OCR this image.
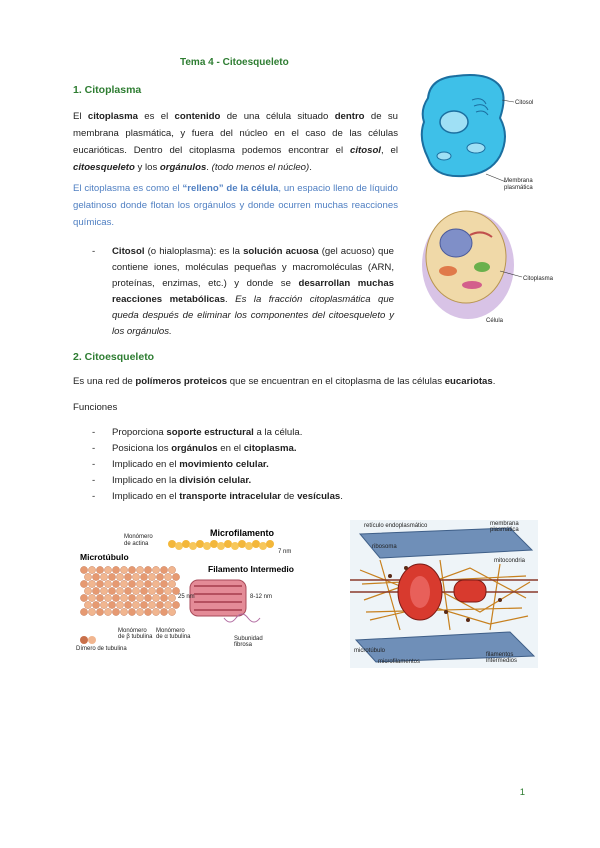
Tema 4 - Citoesqueleto
1. Citoplasma
El citoplasma es el contenido de una célula situado dentro de su membrana plasmática, y fuera del núcleo en el caso de las células eucarióticas. Dentro del citoplasma podemos encontrar el citosol, el citoesqueleto y los orgánulos. (todo menos el núcleo).
El citoplasma es como el “relleno” de la célula, un espacio lleno de líquido gelatinoso donde flotan los orgánulos y donde ocurren muchas reacciones químicas.
- Citosol (o hialoplasma): es la solución acuosa (gel acuoso) que contiene iones, moléculas pequeñas y macromoléculas (ARN, proteínas, enzimas, etc.) y donde se desarrollan muchas reacciones metabólicas. Es la fracción citoplasmática que queda después de eliminar los componentes del citoesqueleto y los orgánulos.
Citosol
Membrana
plasmática
Citoplasma
Célula
2. Citoesqueleto
Es una red de polímeros proteicos que se encuentran en el citoplasma de las células eucariotas.
Funciones
- Proporciona soporte estructural a la célula.
- Posiciona los orgánulos en el citoplasma.
- Implicado en el movimiento celular.
- Implicado en la división celular.
- Implicado en el transporte intracelular de vesículas.
Microfilamento
Monómero
de actina
7 nm
Microtúbulo
Filamento Intermedio
25 nm	8-12 nm
Monómero
de β tubulina
Monómero
de α tubulina	Subunidad
fibrosa
Dímero de tubulina
retículo endoplasmático	membrana
plasmática
ribosoma
mitocondria
microtúbulo
microfilamentos
filamentos
intermedios
1
